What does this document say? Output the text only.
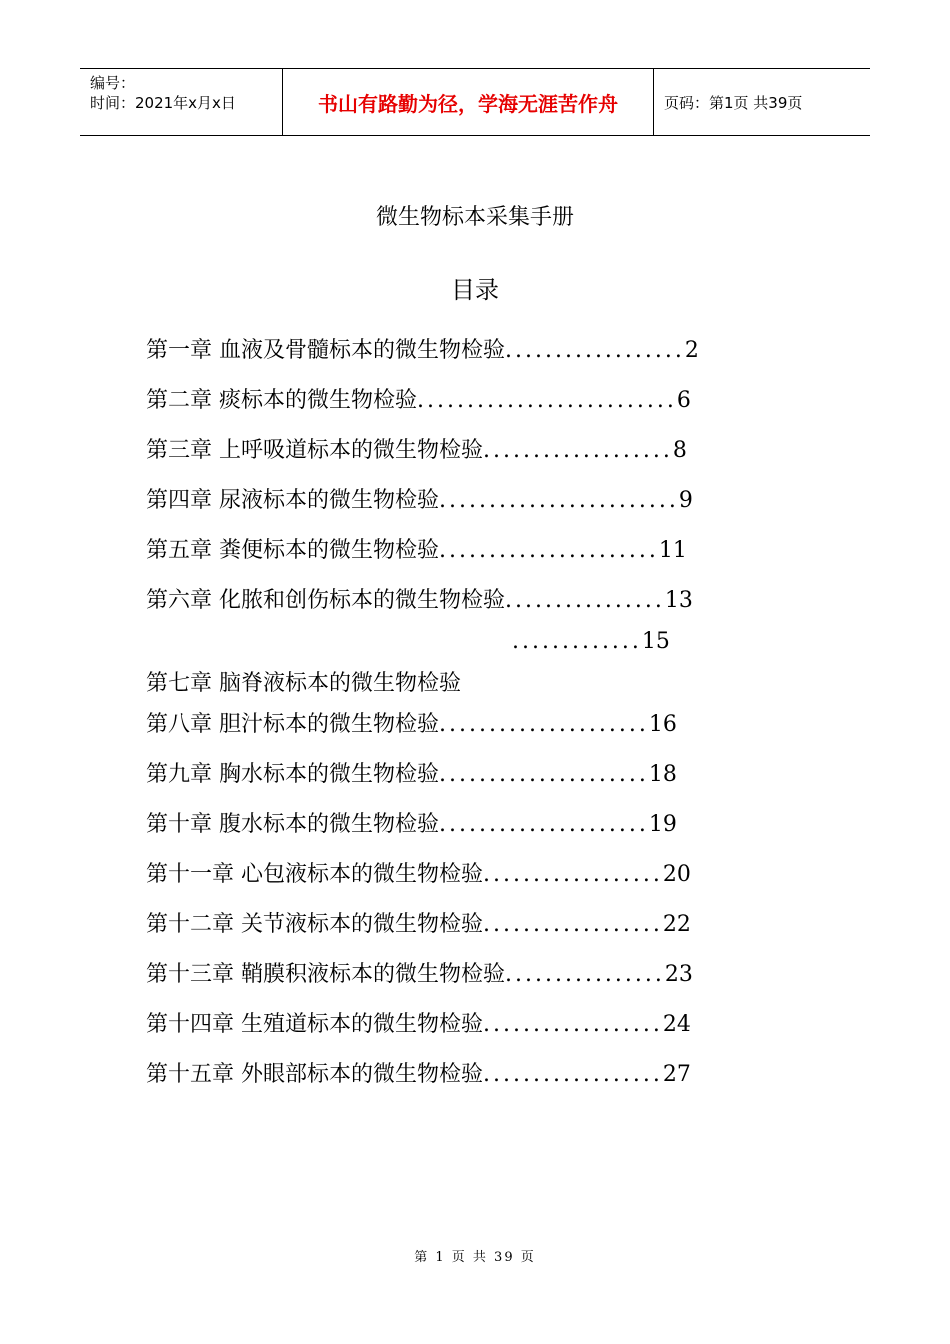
编号：
时间：2021年x月x日	书山有路勤为径，学海无涯苦作舟	页码：第1页 共39页
微生物标本采集手册
目录
第一章 血液及骨髓标本的微生物检验..................2
第二章 痰标本的微生物检验..........................6
第三章 上呼吸道标本的微生物检验...................8
第四章 尿液标本的微生物检验........................9
第五章 粪便标本的微生物检验......................11
第六章 化脓和创伤标本的微生物检验................13
.............15
第七章 脑脊液标本的微生物检验
第八章 胆汁标本的微生物检验.....................16
第九章 胸水标本的微生物检验.....................18
第十章 腹水标本的微生物检验.....................19
第十一章 心包液标本的微生物检验..................20
第十二章 关节液标本的微生物检验..................22
第十三章 鞘膜积液标本的微生物检验................23
第十四章 生殖道标本的微生物检验..................24
第十五章 外眼部标本的微生物检验..................27
第 1 页 共 39 页
